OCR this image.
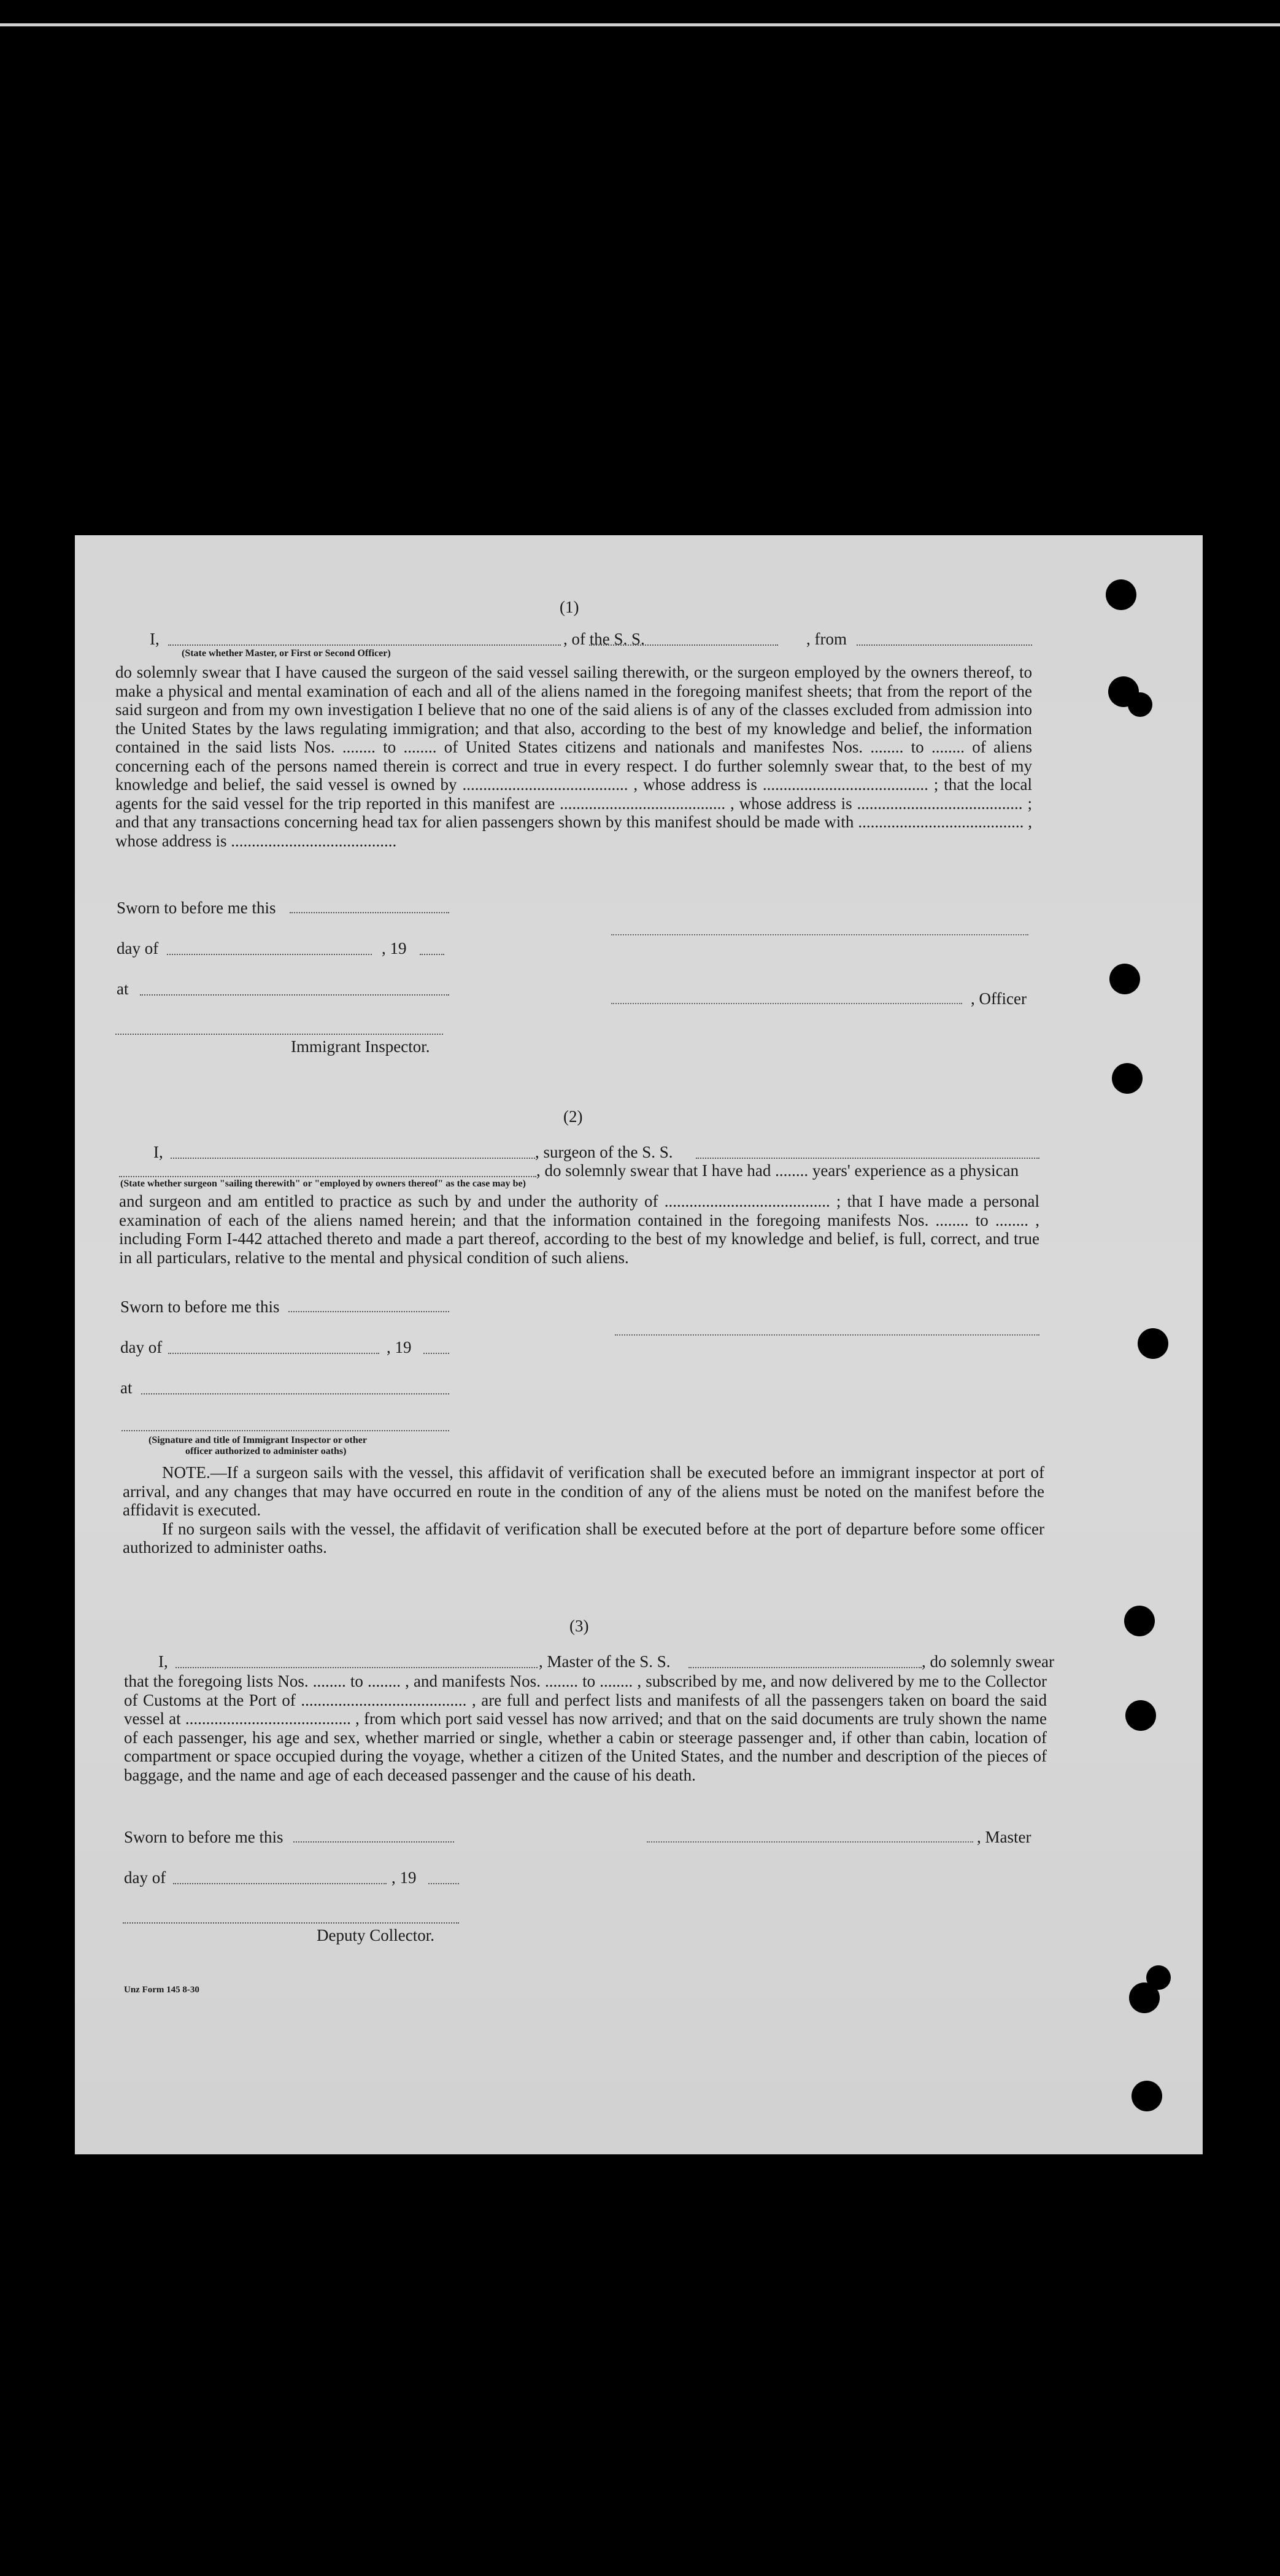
(1)
I,	, of the S. S.	, from
(State whether Master, or First or Second Officer)

do solemnly swear that I have caused the surgeon of the said vessel sailing therewith, or the surgeon employed by the owners thereof, to make a physical and mental examination of each and all of the aliens named in the foregoing manifest sheets; that from the report of the said surgeon and from my own investigation I believe that no one of the said aliens is of any of the classes excluded from admission into the United States by the laws regulating immigration; and that also, according to the best of my knowledge and belief, the information contained in the said lists Nos. ........ to ........ of United States citizens and nationals and manifestes Nos. ........ to ........ of aliens concerning each of the persons named therein is correct and true in every respect. I do further solemnly swear that, to the best of my knowledge and belief, the said vessel is owned by ........................................ , whose address is ........................................ ; that the local agents for the said vessel for the trip reported in this manifest are ........................................ , whose address is ........................................ ; and that any transactions concerning head tax for alien passengers shown by this manifest should be made with ........................................ , whose address is ........................................

Sworn to before me this
day of	, 19
at
, Officer
Immigrant Inspector.
(2)
I,	, surgeon of the S. S.
, do solemnly swear that I have had ........ years' experience as a physican
(State whether surgeon "sailing therewith" or "employed by owners thereof" as the case may be)

and surgeon and am entitled to practice as such by and under the authority of ........................................ ; that I have made a personal examination of each of the aliens named herein; and that the information contained in the foregoing manifests Nos. ........ to ........ , including Form I-442 attached thereto and made a part thereof, according to the best of my knowledge and belief, is full, correct, and true in all particulars, relative to the mental and physical condition of such aliens.

Sworn to before me this
day of	, 19
at
(Signature and title of Immigrant Inspector or other
officer authorized to administer oaths)

NOTE.—If a surgeon sails with the vessel, this affidavit of verification shall be executed before an immigrant inspector at port of arrival, and any changes that may have occurred en route in the condition of any of the aliens must be noted on the manifest before the affidavit is executed.

If no surgeon sails with the vessel, the affidavit of verification shall be executed before at the port of departure before some officer authorized to administer oaths.

(3)
I,	, Master of the S. S.	, do solemnly swear

that the foregoing lists Nos. ........ to ........ , and manifests Nos. ........ to ........ , subscribed by me, and now delivered by me to the Collector of Customs at the Port of ........................................ , are full and perfect lists and manifests of all the passengers taken on board the said vessel at ........................................ , from which port said vessel has now arrived; and that on the said documents are truly shown the name of each passenger, his age and sex, whether married or single, whether a cabin or steerage passenger and, if other than cabin, location of compartment or space occupied during the voyage, whether a citizen of the United States, and the number and description of the pieces of baggage, and the name and age of each deceased passenger and the cause of his death.

Sworn to before me this	, Master
day of	, 19
Deputy Collector.
Unz Form 145 8-30
